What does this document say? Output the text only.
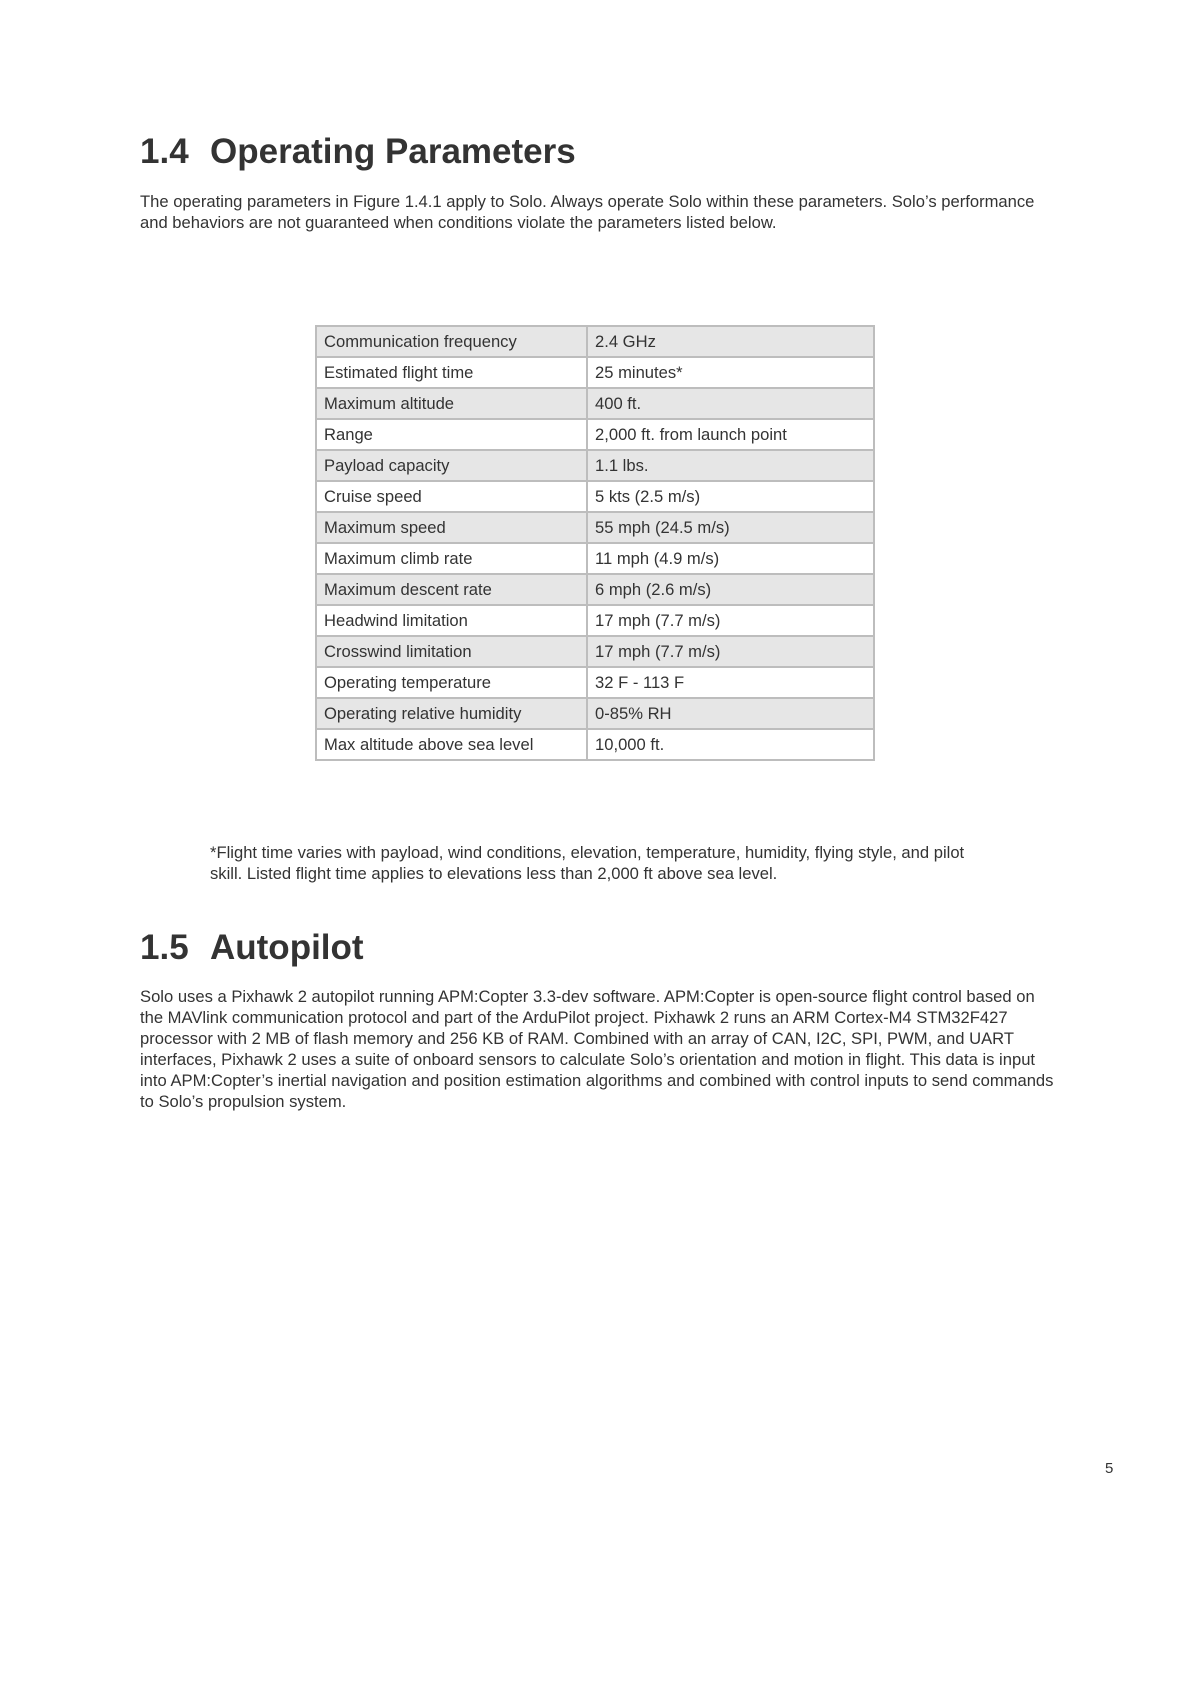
1.4 Operating Parameters

The operating parameters in Figure 1.4.1 apply to Solo. Always operate Solo within these parameters. Solo’s performance and behaviors are not guaranteed when conditions violate the parameters listed below.

Communication frequency	2.4 GHz
Estimated flight time	25 minutes*
Maximum altitude	400 ft.
Range	2,000 ft. from launch point
Payload capacity	1.1 lbs.
Cruise speed	5 kts (2.5 m/s)
Maximum speed	55 mph (24.5 m/s)
Maximum climb rate	11 mph (4.9 m/s)
Maximum descent rate	6 mph (2.6 m/s)
Headwind limitation	17 mph (7.7 m/s)
Crosswind limitation	17 mph (7.7 m/s)
Operating temperature	32 F - 113 F
Operating relative humidity	0-85% RH
Max altitude above sea level	10,000 ft.

*Flight time varies with payload, wind conditions, elevation, temperature, humidity, flying style, and pilot skill. Listed flight time applies to elevations less than 2,000 ft above sea level.

1.5 Autopilot

Solo uses a Pixhawk 2 autopilot running APM:Copter 3.3-dev software. APM:Copter is open-source flight control based on the MAVlink communication protocol and part of the ArduPilot project. Pixhawk 2 runs an ARM Cortex-M4 STM32F427 processor with 2 MB of flash memory and 256 KB of RAM. Combined with an array of CAN, I2C, SPI, PWM, and UART interfaces, Pixhawk 2 uses a suite of onboard sensors to calculate Solo’s orientation and motion in flight. This data is input into APM:Copter’s inertial navigation and position estimation algorithms and combined with control inputs to send commands to Solo’s propulsion system.

5
